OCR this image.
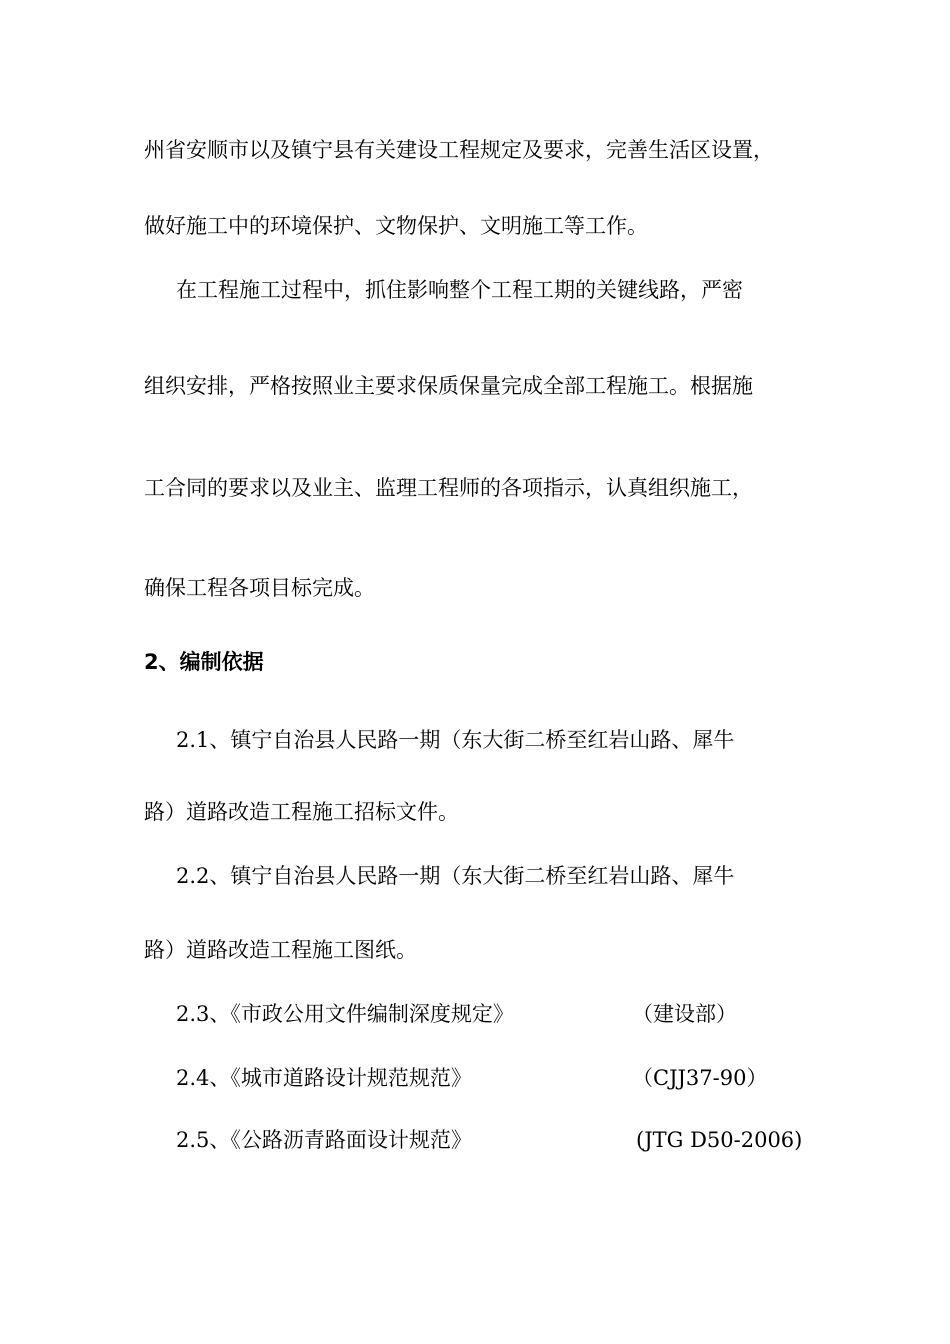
州省安顺市以及镇宁县有关建设工程规定及要求，完善生活区设置，
做好施工中的环境保护、文物保护、文明施工等工作。
在工程施工过程中，抓住影响整个工程工期的关键线路，严密
组织安排，严格按照业主要求保质保量完成全部工程施工。根据施
工合同的要求以及业主、监理工程师的各项指示，认真组织施工，
确保工程各项目标完成。
2、编制依据
2.1、镇宁自治县人民路一期（东大街二桥至红岩山路、犀牛
路）道路改造工程施工招标文件。
2.2、镇宁自治县人民路一期（东大街二桥至红岩山路、犀牛
路）道路改造工程施工图纸。
2.3、《市政公用文件编制深度规定》	（建设部）
2.4、《城市道路设计规范规范》	（CJJ37-90）
2.5、《公路沥青路面设计规范》	(JTG D50-2006)
